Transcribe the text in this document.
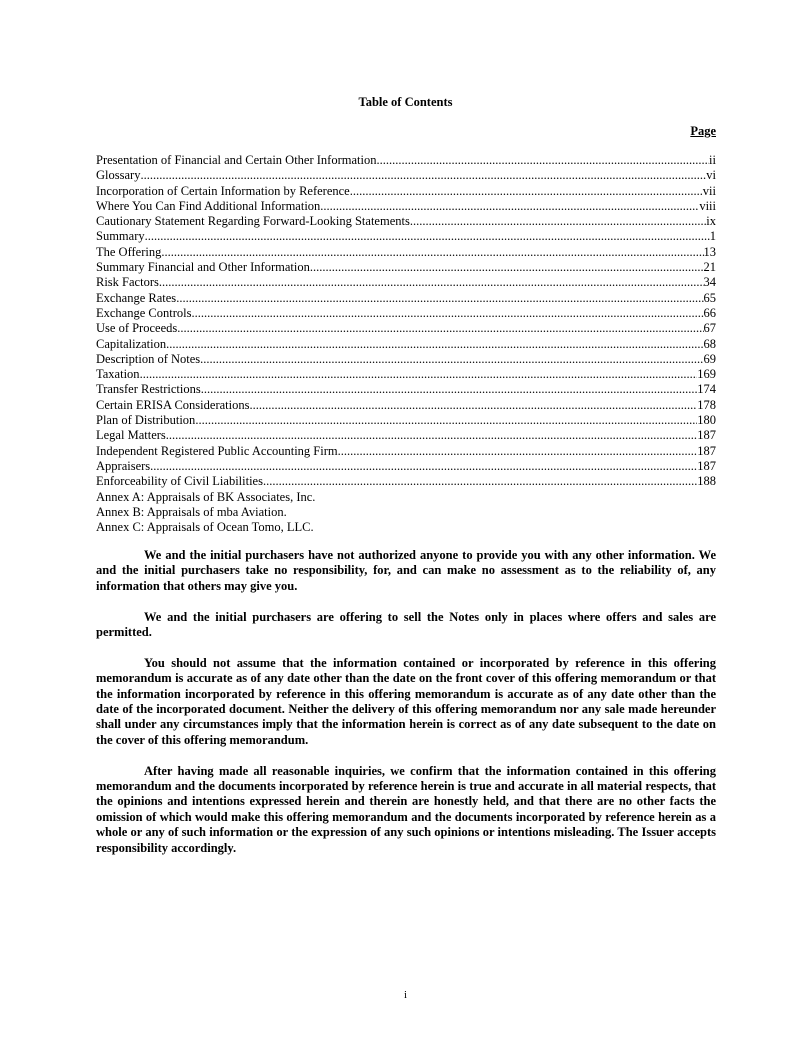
Table of Contents
Page
Presentation of Financial and Certain Other Information .....	ii
Glossary .....	vi
Incorporation of Certain Information by Reference .....	vii
Where You Can Find Additional Information .....	viii
Cautionary Statement Regarding Forward-Looking Statements .....	ix
Summary .....	1
The Offering .....	13
Summary Financial and Other Information .....	21
Risk Factors .....	34
Exchange Rates .....	65
Exchange Controls .....	66
Use of Proceeds .....	67
Capitalization .....	68
Description of Notes .....	69
Taxation .....	169
Transfer Restrictions .....	174
Certain ERISA Considerations .....	178
Plan of Distribution .....	180
Legal Matters .....	187
Independent Registered Public Accounting Firm .....	187
Appraisers .....	187
Enforceability of Civil Liabilities .....	188
Annex A: Appraisals of BK Associates, Inc.
Annex B: Appraisals of mba Aviation.
Annex C: Appraisals of Ocean Tomo, LLC.

We and the initial purchasers have not authorized anyone to provide you with any other information. We and the initial purchasers take no responsibility, for, and can make no assessment as to the reliability of, any information that others may give you.

We and the initial purchasers are offering to sell the Notes only in places where offers and sales are permitted.

You should not assume that the information contained or incorporated by reference in this offering memorandum is accurate as of any date other than the date on the front cover of this offering memorandum or that the information incorporated by reference in this offering memorandum is accurate as of any date other than the date of the incorporated document. Neither the delivery of this offering memorandum nor any sale made hereunder shall under any circumstances imply that the information herein is correct as of any date subsequent to the date on the cover of this offering memorandum.

After having made all reasonable inquiries, we confirm that the information contained in this offering memorandum and the documents incorporated by reference herein is true and accurate in all material respects, that the opinions and intentions expressed herein and therein are honestly held, and that there are no other facts the omission of which would make this offering memorandum and the documents incorporated by reference herein as a whole or any of such information or the expression of any such opinions or intentions misleading. The Issuer accepts responsibility accordingly.

i
